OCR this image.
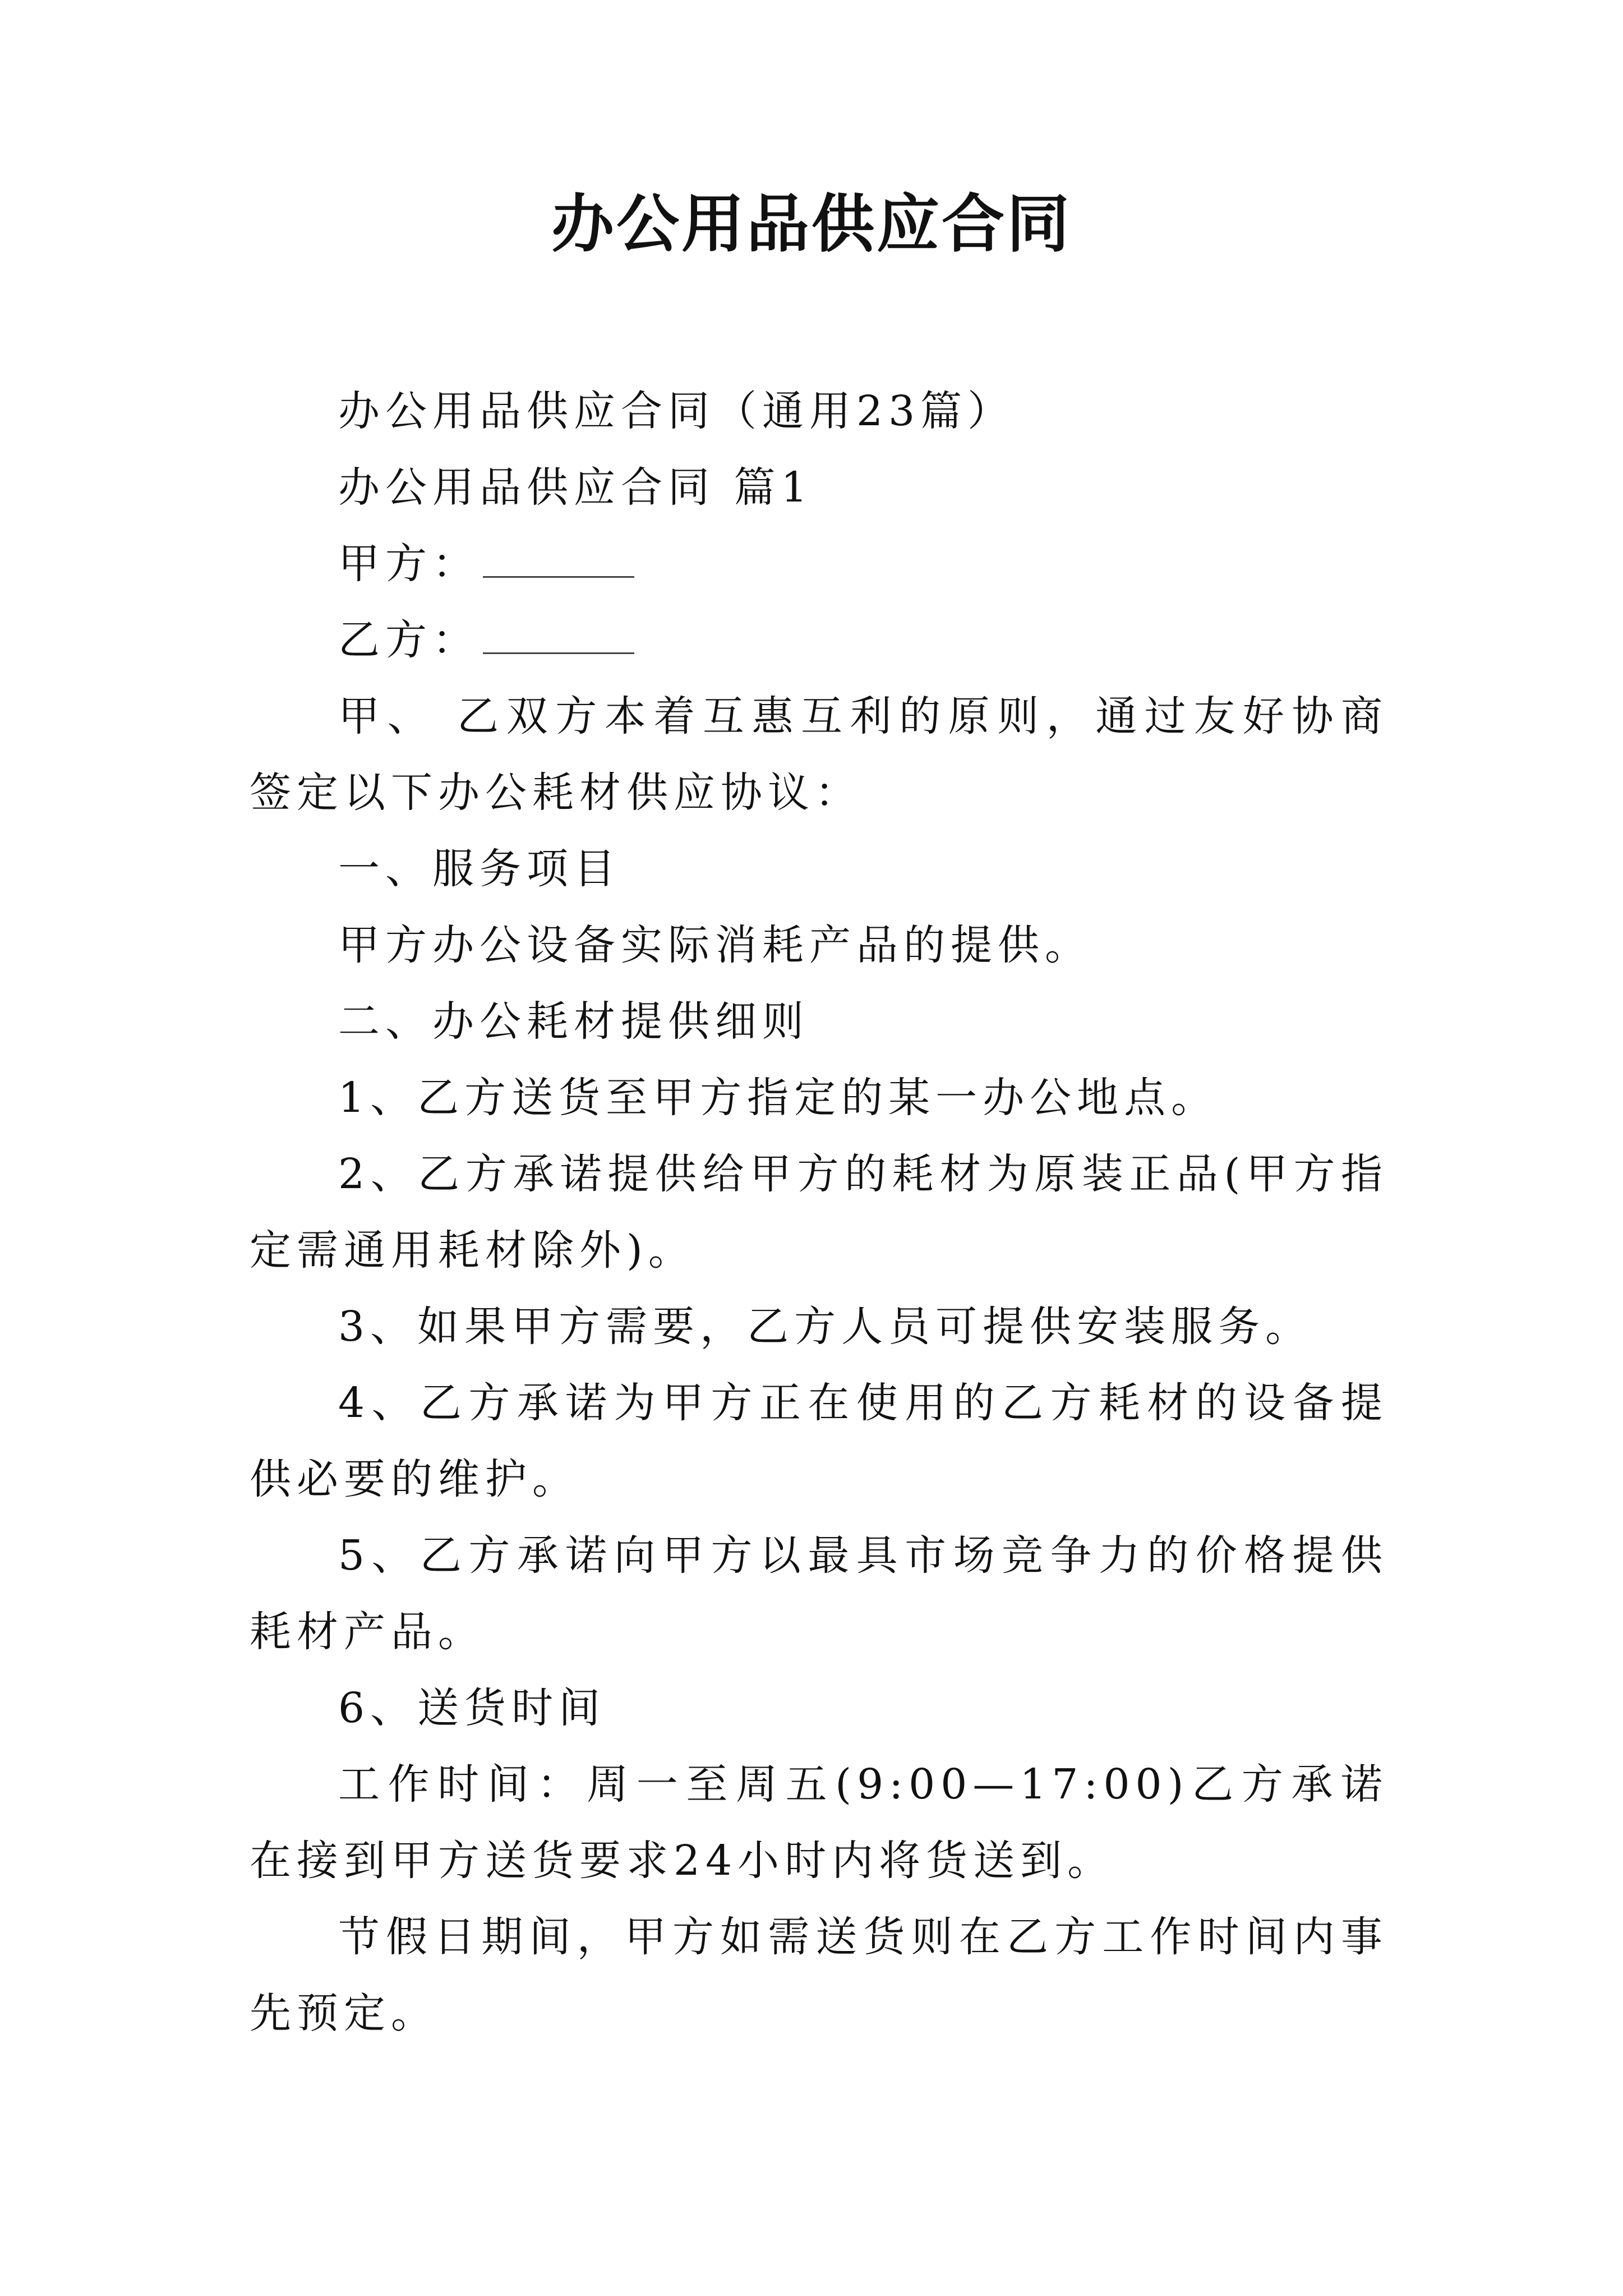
办公用品供应合同

办公用品供应合同（通用23篇）

办公用品供应合同 篇1

甲方：

乙方：

甲、 乙双方本着互惠互利的原则，通过友好协商签定以下办公耗材供应协议：

一、服务项目

甲方办公设备实际消耗产品的提供。

二、办公耗材提供细则

1、乙方送货至甲方指定的某一办公地点。

2、乙方承诺提供给甲方的耗材为原装正品(甲方指定需通用耗材除外)。

3、如果甲方需要，乙方人员可提供安装服务。

4、乙方承诺为甲方正在使用的乙方耗材的设备提供必要的维护。

5、乙方承诺向甲方以最具市场竞争力的价格提供耗材产品。

6、送货时间

工作时间：周一至周五(9:00—17:00)乙方承诺在接到甲方送货要求24小时内将货送到。

节假日期间，甲方如需送货则在乙方工作时间内事先预定。
